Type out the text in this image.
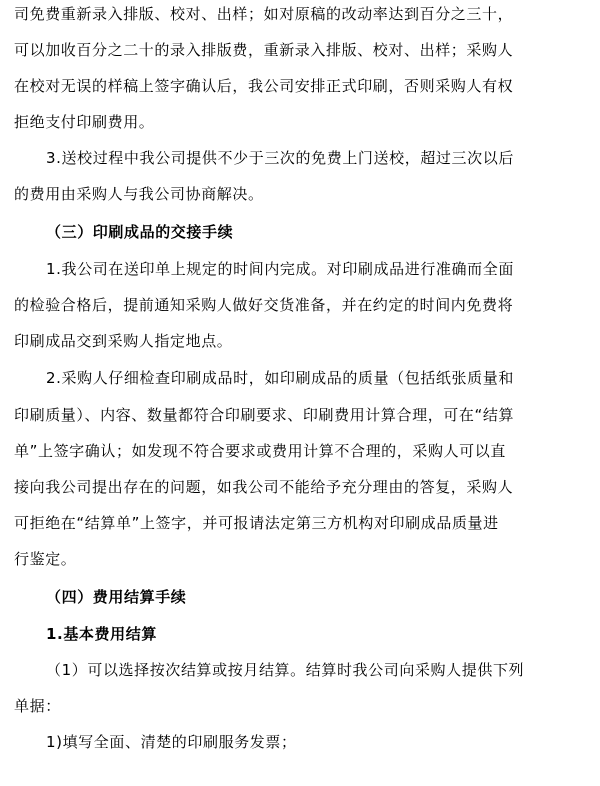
司免费重新录入排版、校对、出样；如对原稿的改动率达到百分之三十，
可以加收百分之二十的录入排版费，重新录入排版、校对、出样；采购人
在校对无误的样稿上签字确认后，我公司安排正式印刷，否则采购人有权
拒绝支付印刷费用。
3.送校过程中我公司提供不少于三次的免费上门送校，超过三次以后
的费用由采购人与我公司协商解决。
（三）印刷成品的交接手续
1.我公司在送印单上规定的时间内完成。对印刷成品进行准确而全面
的检验合格后，提前通知采购人做好交货准备，并在约定的时间内免费将
印刷成品交到采购人指定地点。
2.采购人仔细检查印刷成品时，如印刷成品的质量（包括纸张质量和
印刷质量）、内容、数量都符合印刷要求、印刷费用计算合理，可在“结算
单”上签字确认；如发现不符合要求或费用计算不合理的，采购人可以直
接向我公司提出存在的问题，如我公司不能给予充分理由的答复，采购人
可拒绝在“结算单”上签字，并可报请法定第三方机构对印刷成品质量进
行鉴定。
（四）费用结算手续
1.基本费用结算
（1）可以选择按次结算或按月结算。结算时我公司向采购人提供下列
单据：
1)填写全面、清楚的印刷服务发票；
